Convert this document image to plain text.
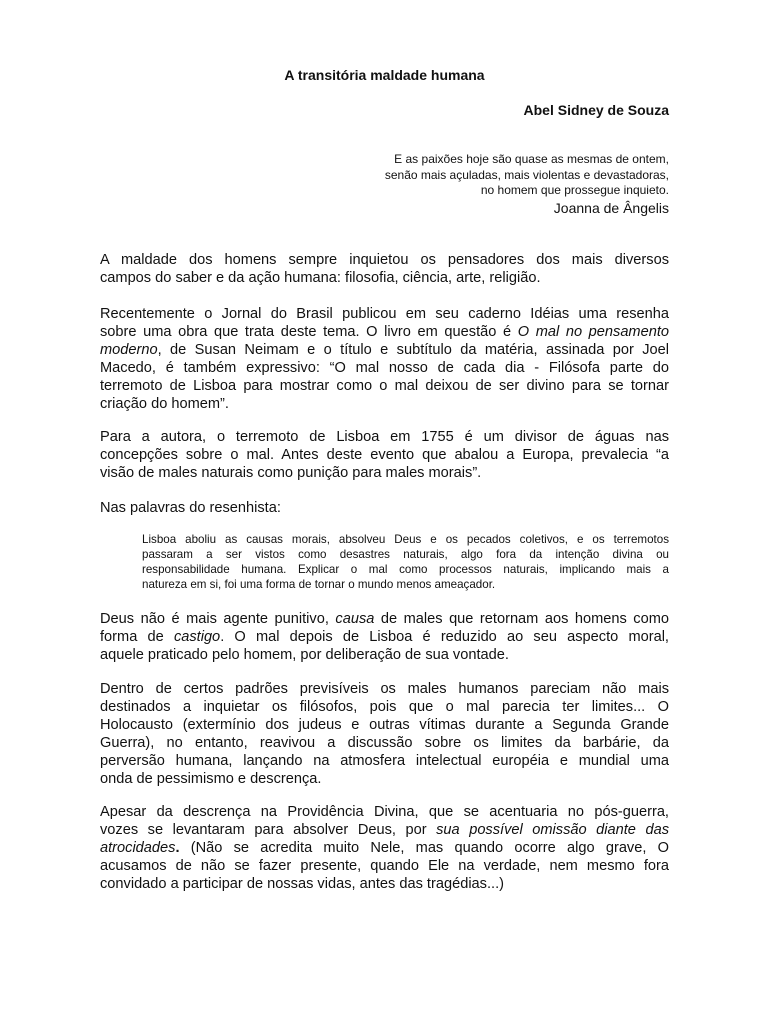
A transitória maldade humana
Abel Sidney de Souza
E as paixões hoje são quase as mesmas de ontem,
senão mais açuladas, mais violentas e devastadoras,
no homem que prossegue inquieto.
Joanna de Ângelis
A maldade dos homens sempre inquietou os pensadores dos mais diversos
campos do saber e da ação humana: filosofia, ciência, arte, religião.
Recentemente o Jornal do Brasil publicou em seu caderno Idéias uma resenha
sobre uma obra que trata deste tema. O livro em questão é O mal no pensamento
moderno, de Susan Neimam e o título e subtítulo da matéria, assinada por Joel
Macedo, é também expressivo: “O mal nosso de cada dia - Filósofa parte do
terremoto de Lisboa para mostrar como o mal deixou de ser divino para se tornar
criação do homem”.
Para a autora, o terremoto de Lisboa em 1755 é um divisor de águas nas
concepções sobre o mal. Antes deste evento que abalou a Europa, prevalecia “a
visão de males naturais como punição para males morais”.
Nas palavras do resenhista:
Lisboa aboliu as causas morais, absolveu Deus e os pecados coletivos, e os terremotos
passaram a ser vistos como desastres naturais, algo fora da intenção divina ou
responsabilidade humana. Explicar o mal como processos naturais, implicando mais a
natureza em si, foi uma forma de tornar o mundo menos ameaçador.
Deus não é mais agente punitivo, causa de males que retornam aos homens como
forma de castigo. O mal depois de Lisboa é reduzido ao seu aspecto moral,
aquele praticado pelo homem, por deliberação de sua vontade.
Dentro de certos padrões previsíveis os males humanos pareciam não mais
destinados a inquietar os filósofos, pois que o mal parecia ter limites... O
Holocausto (extermínio dos judeus e outras vítimas durante a Segunda Grande
Guerra), no entanto, reavivou a discussão sobre os limites da barbárie, da
perversão humana, lançando na atmosfera intelectual européia e mundial uma
onda de pessimismo e descrença.
Apesar da descrença na Providência Divina, que se acentuaria no pós-guerra,
vozes se levantaram para absolver Deus, por sua possível omissão diante das
atrocidades. (Não se acredita muito Nele, mas quando ocorre algo grave, O
acusamos de não se fazer presente, quando Ele na verdade, nem mesmo fora
convidado a participar de nossas vidas, antes das tragédias...)
